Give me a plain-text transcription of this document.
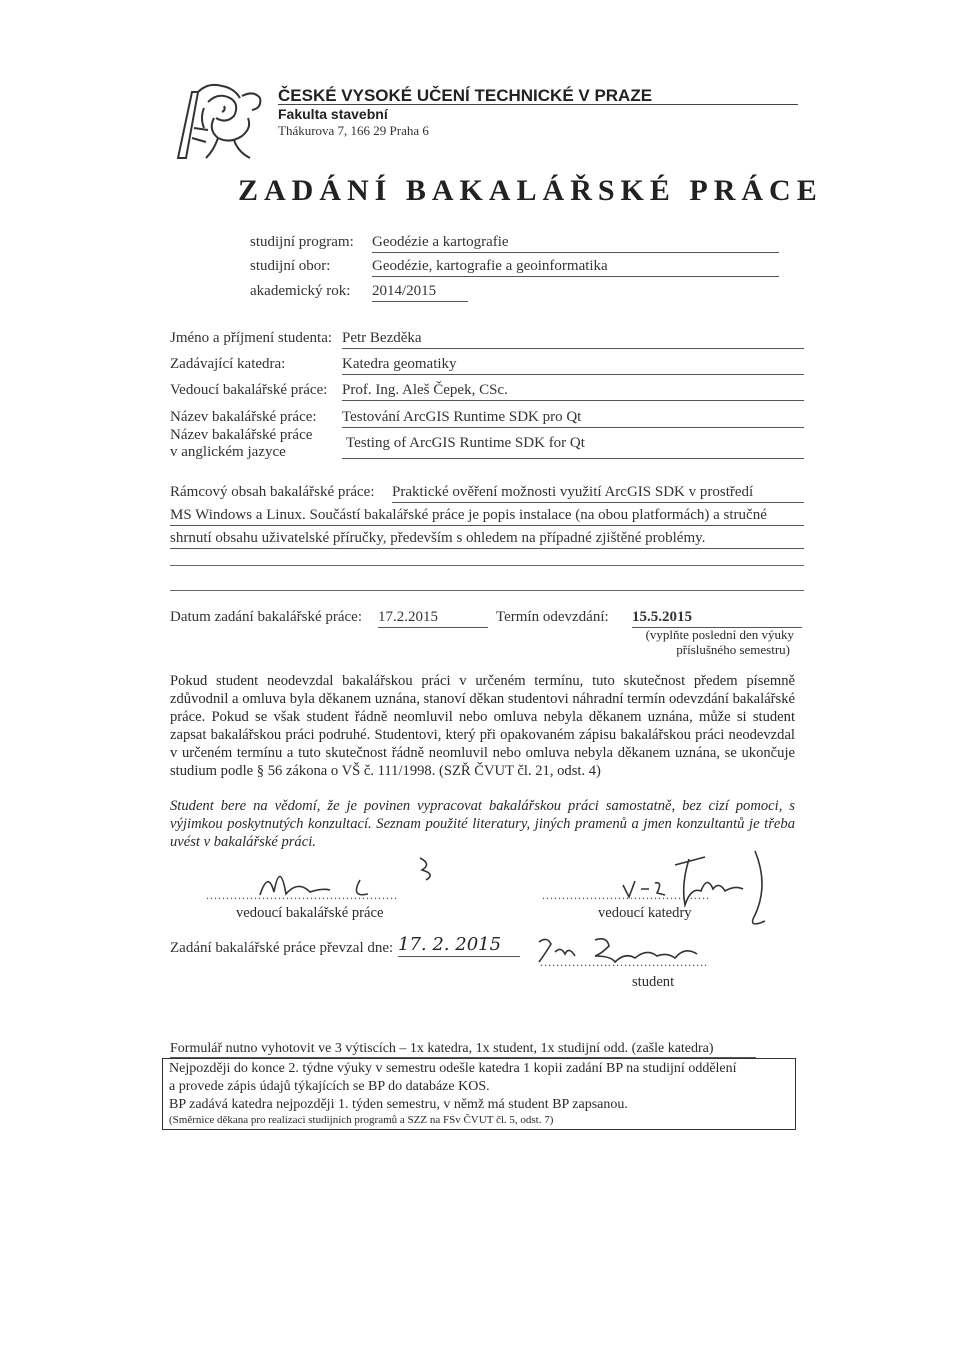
ČESKÉ VYSOKÉ UČENÍ TECHNICKÉ V PRAZE
Fakulta stavební
Thákurova 7, 166 29 Praha 6
ZADÁNÍ BAKALÁŘSKÉ PRÁCE
studijní program: Geodézie a kartografie
studijní obor:	Geodézie, kartografie a geoinformatika
akademický rok: 2014/2015
Jméno a příjmení studenta: Petr Bezděka
Zadávající katedra:	Katedra geomatiky
Vedoucí bakalářské práce: Prof. Ing. Aleš Čepek, CSc.
Název bakalářské práce: Testování ArcGIS Runtime SDK pro Qt
Název bakalářské práce
v anglickém jazyce
Testing of ArcGIS Runtime SDK for Qt
Rámcový obsah bakalářské práce: Praktické ověření možnosti využití ArcGIS SDK v prostředí
MS Windows a Linux. Součástí bakalářské práce je popis instalace (na obou platformách) a stručné
shrnutí obsahu uživatelské příručky, především s ohledem na případné zjištěné problémy.
Datum zadání bakalářské práce: 17.2.2015	Termín odevzdání: 15.5.2015
(vyplňte poslední den výuky
příslušného semestru)
Pokud student neodevzdal bakalářskou práci v určeném termínu, tuto skutečnost předem písemně zdůvodnil a omluva byla děkanem uznána, stanoví děkan studentovi náhradní termín odevzdání bakalářské práce. Pokud se však student řádně neomluvil nebo omluva nebyla děkanem uznána, může si student zapsat bakalářskou práci podruhé. Studentovi, který při opakovaném zápisu bakalářskou práci neodevzdal v určeném termínu a tuto skutečnost řádně neomluvil nebo omluva nebyla děkanem uznána, se ukončuje studium podle § 56 zákona o VŠ č. 111/1998. (SZŘ ČVUT čl. 21, odst. 4)
Student bere na vědomí, že je povinen vypracovat bakalářskou práci samostatně, bez cizí pomoci, s výjimkou poskytnutých konzultací. Seznam použité literatury, jiných pramenů a jmen konzultantů je třeba uvést v bakalářské práci.
................................................
vedoucí bakalářské práce
..........................................
vedoucí katedry
Zadání bakalářské práce převzal dne: 17. 2. 2015
..........................................
student
Formulář nutno vyhotovit ve 3 výtiscích – 1x katedra, 1x student, 1x studijní odd. (zašle katedra)
Nejpozději do konce 2. týdne výuky v semestru odešle katedra 1 kopii zadání BP na studijní oddělení
a provede zápis údajů týkajících se BP do databáze KOS.
BP zadává katedra nejpozději 1. týden semestru, v němž má student BP zapsanou.
(Směrnice děkana pro realizaci studijních programů a SZZ na FSv ČVUT čl. 5, odst. 7)
